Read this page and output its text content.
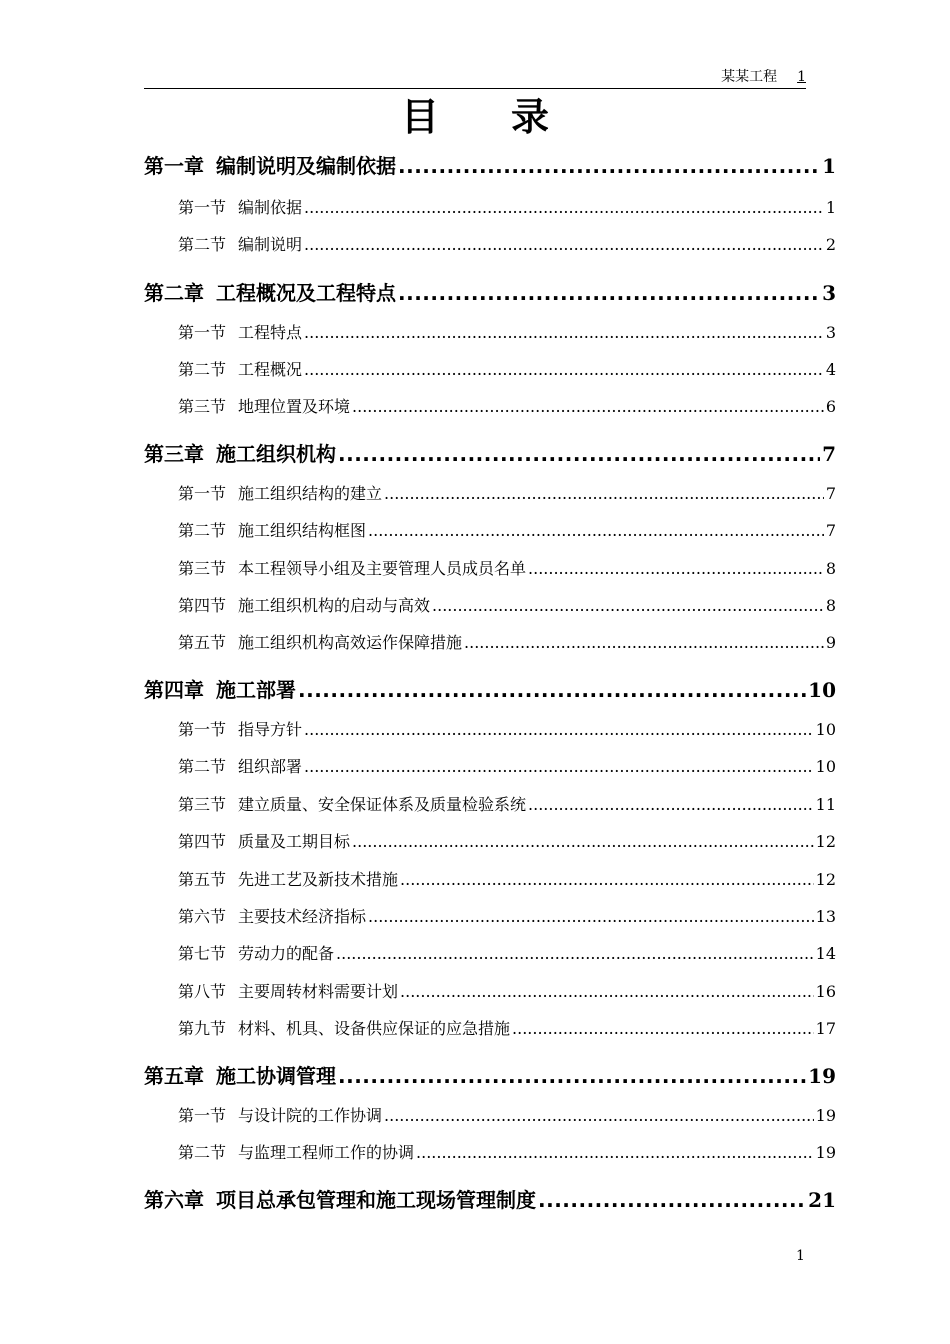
某某工程 1
目录
第一章 编制说明及编制依据 .....	1
第一节 编制依据 .....	1
第二节 编制说明 .....	2
第二章 工程概况及工程特点 .....	3
第一节 工程特点 .....	3
第二节 工程概况 .....	4
第三节 地理位置及环境 .....	6
第三章 施工组织机构 .....	7
第一节 施工组织结构的建立 .....	7
第二节 施工组织结构框图 .....	7
第三节 本工程领导小组及主要管理人员成员名单 .....	8
第四节 施工组织机构的启动与高效 .....	8
第五节 施工组织机构高效运作保障措施 .....	9
第四章 施工部署 .....	10
第一节 指导方针 .....	10
第二节 组织部署 .....	10
第三节 建立质量、安全保证体系及质量检验系统 .....	11
第四节 质量及工期目标 .....	12
第五节 先进工艺及新技术措施 .....	12
第六节 主要技术经济指标 .....	13
第七节 劳动力的配备 .....	14
第八节 主要周转材料需要计划 .....	16
第九节 材料、机具、设备供应保证的应急措施 .....	17
第五章 施工协调管理 .....	19
第一节 与设计院的工作协调 .....	19
第二节 与监理工程师工作的协调 .....	19
第六章 项目总承包管理和施工现场管理制度 .....	21
1
